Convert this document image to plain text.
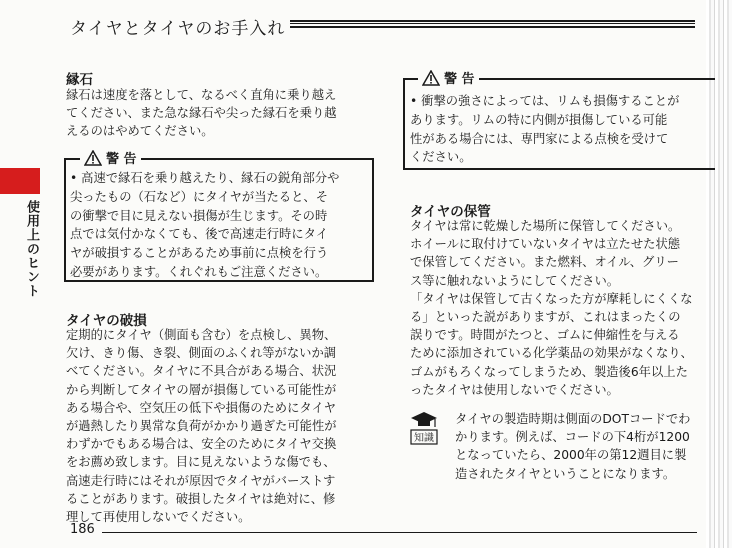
タイヤとタイヤのお手入れ
使用上のヒント
縁石
縁石は速度を落として、なるべく直角に乗り越え
てください、また急な縁石や尖った縁石を乗り越
えるのはやめてください。
警 告
• 高速で縁石を乗り越えたり、縁石の鋭角部分や
尖ったもの（石など）にタイヤが当たると、そ
の衝撃で目に見えない損傷が生じます。その時
点では気付かなくても、後で高速走行時にタイ
ヤが破損することがあるため事前に点検を行う
必要があります。くれぐれもご注意ください。
タイヤの破損
定期的にタイヤ（側面も含む）を点検し、異物、
欠け、きり傷、き裂、側面のふくれ等がないか調
べてください。タイヤに不具合がある場合、状況
から判断してタイヤの層が損傷している可能性が
ある場合や、空気圧の低下や損傷のためにタイヤ
が過熱したり異常な負荷がかかり過ぎた可能性が
わずかでもある場合は、安全のためにタイヤ交換
をお薦め致します。目に見えないような傷でも、
高速走行時にはそれが原因でタイヤがバーストす
ることがあります。破損したタイヤは絶対に、修
理して再使用しないでください。
警 告
• 衝撃の強さによっては、リムも損傷することが
あります。リムの特に内側が損傷している可能
性がある場合には、専門家による点検を受けて
ください。
タイヤの保管
タイヤは常に乾燥した場所に保管してください。
ホイールに取付けていないタイヤは立たせた状態
で保管してください。また燃料、オイル、グリー
ス等に触れないようにしてください。
「タイヤは保管して古くなった方が摩耗しにくくな
る」といった説がありますが、これはまったくの
誤りです。時間がたつと、ゴムに伸縮性を与える
ために添加されている化学薬品の効果がなくなり、
ゴムがもろくなってしまうため、製造後6年以上た
ったタイヤは使用しないでください。
知識
タイヤの製造時期は側面のDOTコードでわ
かります。例えば、コードの下4桁が1200
となっていたら、2000年の第12週目に製
造されたタイヤということになります。
186
